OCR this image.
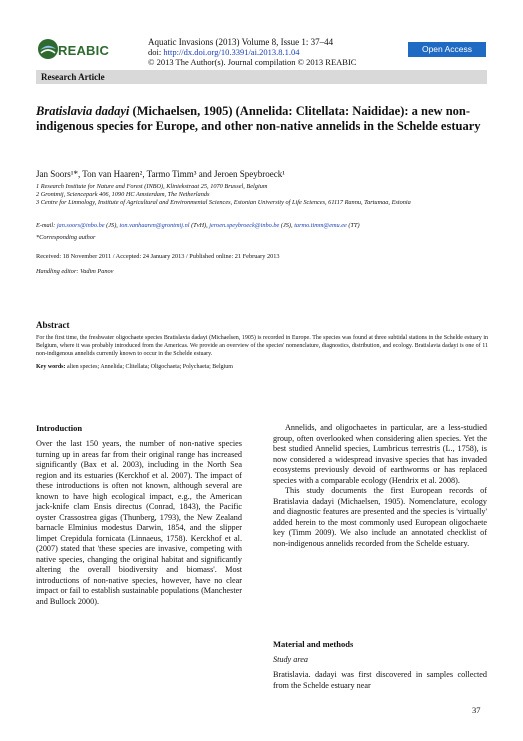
REABIC
Aquatic Invasions (2013) Volume 8, Issue 1: 37–44
doi: http://dx.doi.org/10.3391/ai.2013.8.1.04
© 2013 The Author(s). Journal compilation © 2013 REABIC
Open Access
Research Article
Bratislavia dadayi (Michaelsen, 1905) (Annelida: Clitellata: Naididae): a new non-indigenous species for Europe, and other non-native annelids in the Schelde estuary
Jan Soors¹*, Ton van Haaren², Tarmo Timm³ and Jeroen Speybroeck¹
1 Research Institute for Nature and Forest (INBO), Kliniekstraat 25, 1070 Brussel, Belgium
2 Grontmij, Sciencepark 406, 1090 HC Amsterdam, The Netherlands
3 Centre for Limnology, Institute of Agricultural and Environmental Sciences, Estonian University of Life Sciences, 61117 Rannu, Tartumaa, Estonia
E-mail: jan.soors@inbo.be (JS), ton.vanhaaren@grontmij.nl (TvH), jeroen.speybroeck@inbo.be (JS), tarmo.timm@emu.ee (TT)
*Corresponding author
Received: 18 November 2011 / Accepted: 24 January 2013 / Published online: 21 February 2013
Handling editor: Vadim Panov
Abstract
For the first time, the freshwater oligochaete species Bratislavia dadayi (Michaelsen, 1905) is recorded in Europe. The species was found at three subtidal stations in the Schelde estuary in Belgium, where it was probably introduced from the Americas. We provide an overview of the species' nomenclature, diagnostics, distribution, and ecology. Bratislavia dadayi is one of 11 non-indigenous annelids currently known to occur in the Schelde estuary.
Key words: alien species; Annelida; Clitellata; Oligochaeta; Polychaeta; Belgium
Introduction
Over the last 150 years, the number of non-native species turning up in areas far from their original range has increased significantly (Bax et al. 2003), including in the North Sea region and its estuaries (Kerckhof et al. 2007). The impact of these introductions is often not known, although several are known to have high ecological impact, e.g., the American jack-knife clam Ensis directus (Conrad, 1843), the Pacific oyster Crassostrea gigas (Thunberg, 1793), the New Zealand barnacle Elminius modestus Darwin, 1854, and the slipper limpet Crepidula fornicata (Linnaeus, 1758). Kerckhof et al. (2007) stated that 'these species are invasive, competing with native species, changing the original habitat and significantly altering the overall biodiversity and biomass'. Most introductions of non-native species, however, have no clear impact or fail to establish sustainable populations (Manchester and Bullock 2000).
Annelids, and oligochaetes in particular, are a less-studied group, often overlooked when considering alien species. Yet the best studied Annelid species, Lumbricus terrestris (L., 1758), is now considered a widespread invasive species that has invaded ecosystems previously devoid of earthworms or has replaced species with a comparable ecology (Hendrix et al. 2008).
This study documents the first European records of Bratislavia dadayi (Michaelsen, 1905). Nomenclature, ecology and diagnostic features are presented and the species is 'virtually' added herein to the most commonly used European oligochaete key (Timm 2009). We also include an annotated checklist of non-indigenous annelids recorded from the Schelde estuary.
Material and methods
Study area
Bratislavia. dadayi was first discovered in samples collected from the Schelde estuary near
37
